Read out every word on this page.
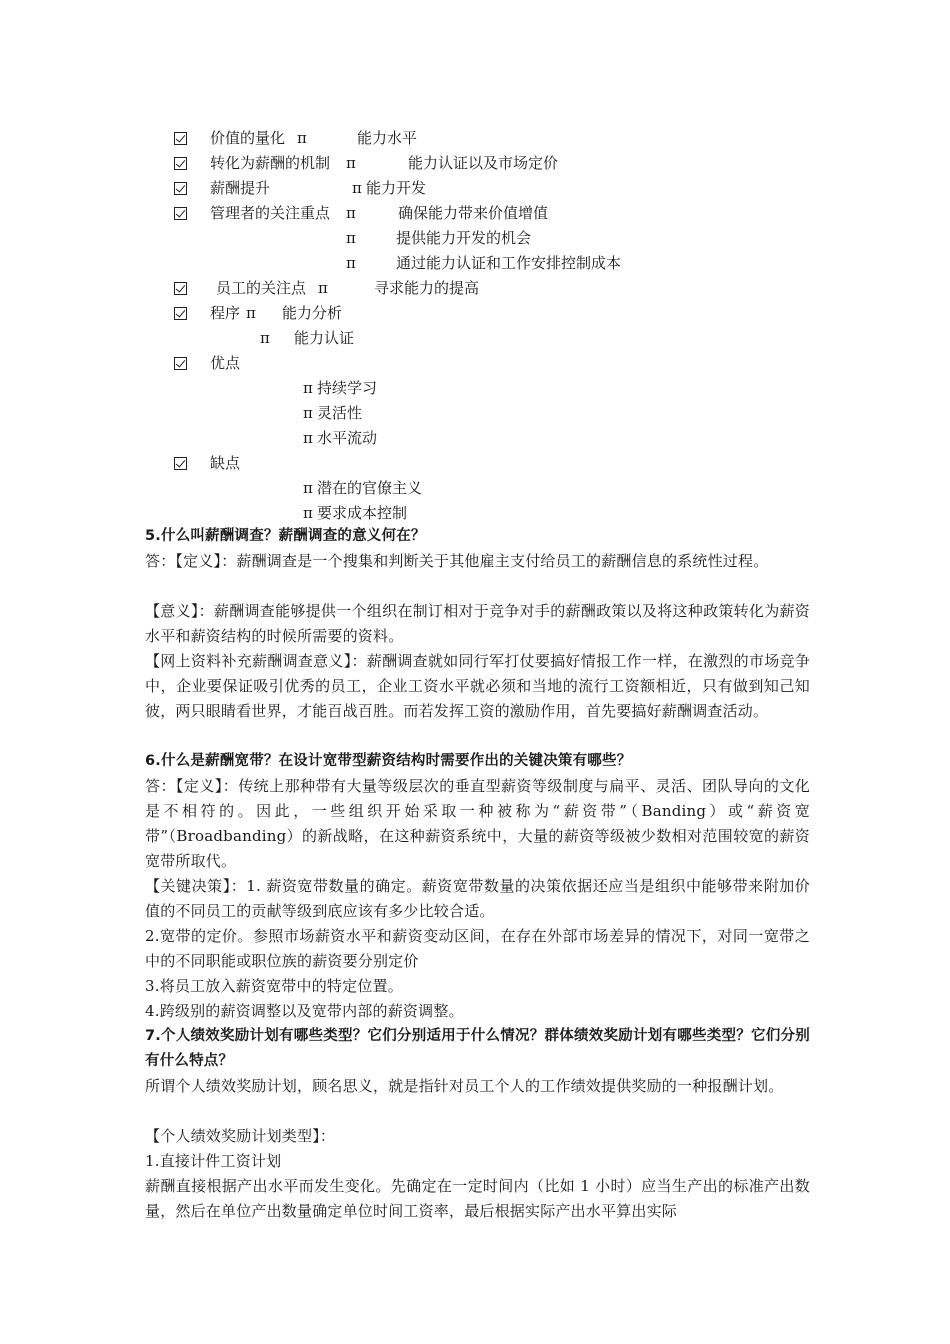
价值的量化 π	能力水平
转化为薪酬的机制 π	能力认证以及市场定价
薪酬提升	π 能力开发
管理者的关注重点 π	确保能力带来价值增值
π	提供能力开发的机会
π	通过能力认证和工作安排控制成本
员工的关注点 π	寻求能力的提高
程序 π 能力分析
π 能力认证
优点
π 持续学习
π 灵活性
π 水平流动
缺点
π 潜在的官僚主义
π 要求成本控制
5.什么叫薪酬调查？薪酬调查的意义何在？
答：【定义】：薪酬调查是一个搜集和判断关于其他雇主支付给员工的薪酬信息的系统性过程。
【意义】：薪酬调查能够提供一个组织在制订相对于竞争对手的薪酬政策以及将这种政策转化为薪资水平和薪资结构的时候所需要的资料。
【网上资料补充薪酬调查意义】：薪酬调查就如同行军打仗要搞好情报工作一样，在激烈的市场竞争中，企业要保证吸引优秀的员工，企业工资水平就必须和当地的流行工资额相近，只有做到知己知彼，两只眼睛看世界，才能百战百胜。而若发挥工资的激励作用，首先要搞好薪酬调查活动。
6.什么是薪酬宽带？在设计宽带型薪资结构时需要作出的关键决策有哪些？
答：【定义】：传统上那种带有大量等级层次的垂直型薪资等级制度与扁平、灵活、团队导向的文化是不相符的。因此，一些组织开始采取一种被称为“薪资带”（Banding）或“薪资宽带”（Broadbanding）的新战略，在这种薪资系统中，大量的薪资等级被少数相对范围较宽的薪资宽带所取代。
【关键决策】：1. 薪资宽带数量的确定。薪资宽带数量的决策依据还应当是组织中能够带来附加价值的不同员工的贡献等级到底应该有多少比较合适。
2.宽带的定价。参照市场薪资水平和薪资变动区间，在存在外部市场差异的情况下，对同一宽带之中的不同职能或职位族的薪资要分别定价
3.将员工放入薪资宽带中的特定位置。
4.跨级别的薪资调整以及宽带内部的薪资调整。
7.个人绩效奖励计划有哪些类型？它们分别适用于什么情况？群体绩效奖励计划有哪些类型？它们分别有什么特点？
所谓个人绩效奖励计划，顾名思义，就是指针对员工个人的工作绩效提供奖励的一种报酬计划。
【个人绩效奖励计划类型】：
1.直接计件工资计划
薪酬直接根据产出水平而发生变化。先确定在一定时间内（比如 1 小时）应当生产出的标准产出数量，然后在单位产出数量确定单位时间工资率，最后根据实际产出水平算出实际
